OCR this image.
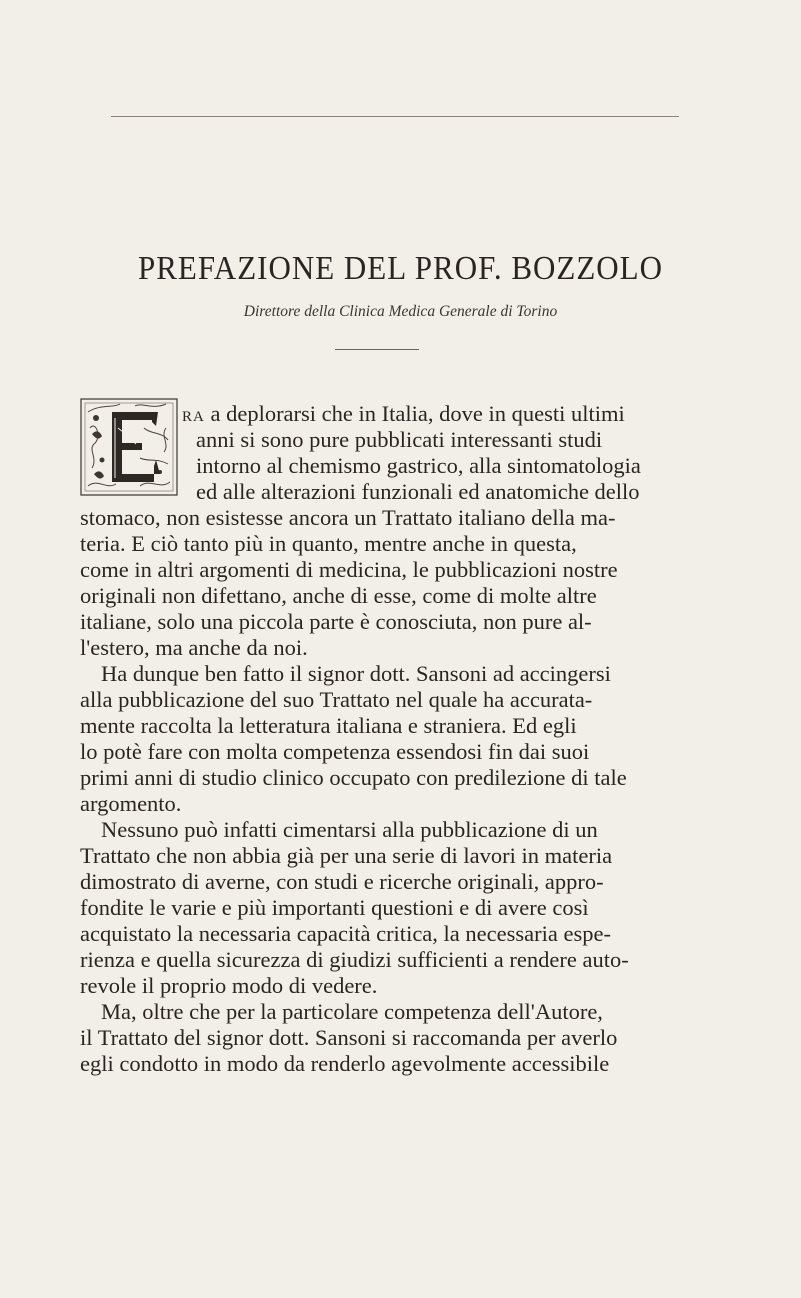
PREFAZIONE DEL PROF. BOZZOLO
Direttore della Clinica Medica Generale di Torino
RA a deplorarsi che in Italia, dove in questi ultimi
anni si sono pure pubblicati interessanti studi
intorno al chemismo gastrico, alla sintomatologia
ed alle alterazioni funzionali ed anatomiche dello
stomaco, non esistesse ancora un Trattato italiano della ma-
teria. E ciò tanto più in quanto, mentre anche in questa,
come in altri argomenti di medicina, le pubblicazioni nostre
originali non difettano, anche di esse, come di molte altre
italiane, solo una piccola parte è conosciuta, non pure al-
l'estero, ma anche da noi.
Ha dunque ben fatto il signor dott. Sansoni ad accingersi
alla pubblicazione del suo Trattato nel quale ha accurata-
mente raccolta la letteratura italiana e straniera. Ed egli
lo potè fare con molta competenza essendosi fin dai suoi
primi anni di studio clinico occupato con predilezione di tale
argomento.
Nessuno può infatti cimentarsi alla pubblicazione di un
Trattato che non abbia già per una serie di lavori in materia
dimostrato di averne, con studi e ricerche originali, appro-
fondite le varie e più importanti questioni e di avere così
acquistato la necessaria capacità critica, la necessaria espe-
rienza e quella sicurezza di giudizi sufficienti a rendere auto-
revole il proprio modo di vedere.
Ma, oltre che per la particolare competenza dell'Autore,
il Trattato del signor dott. Sansoni si raccomanda per averlo
egli condotto in modo da renderlo agevolmente accessibile
